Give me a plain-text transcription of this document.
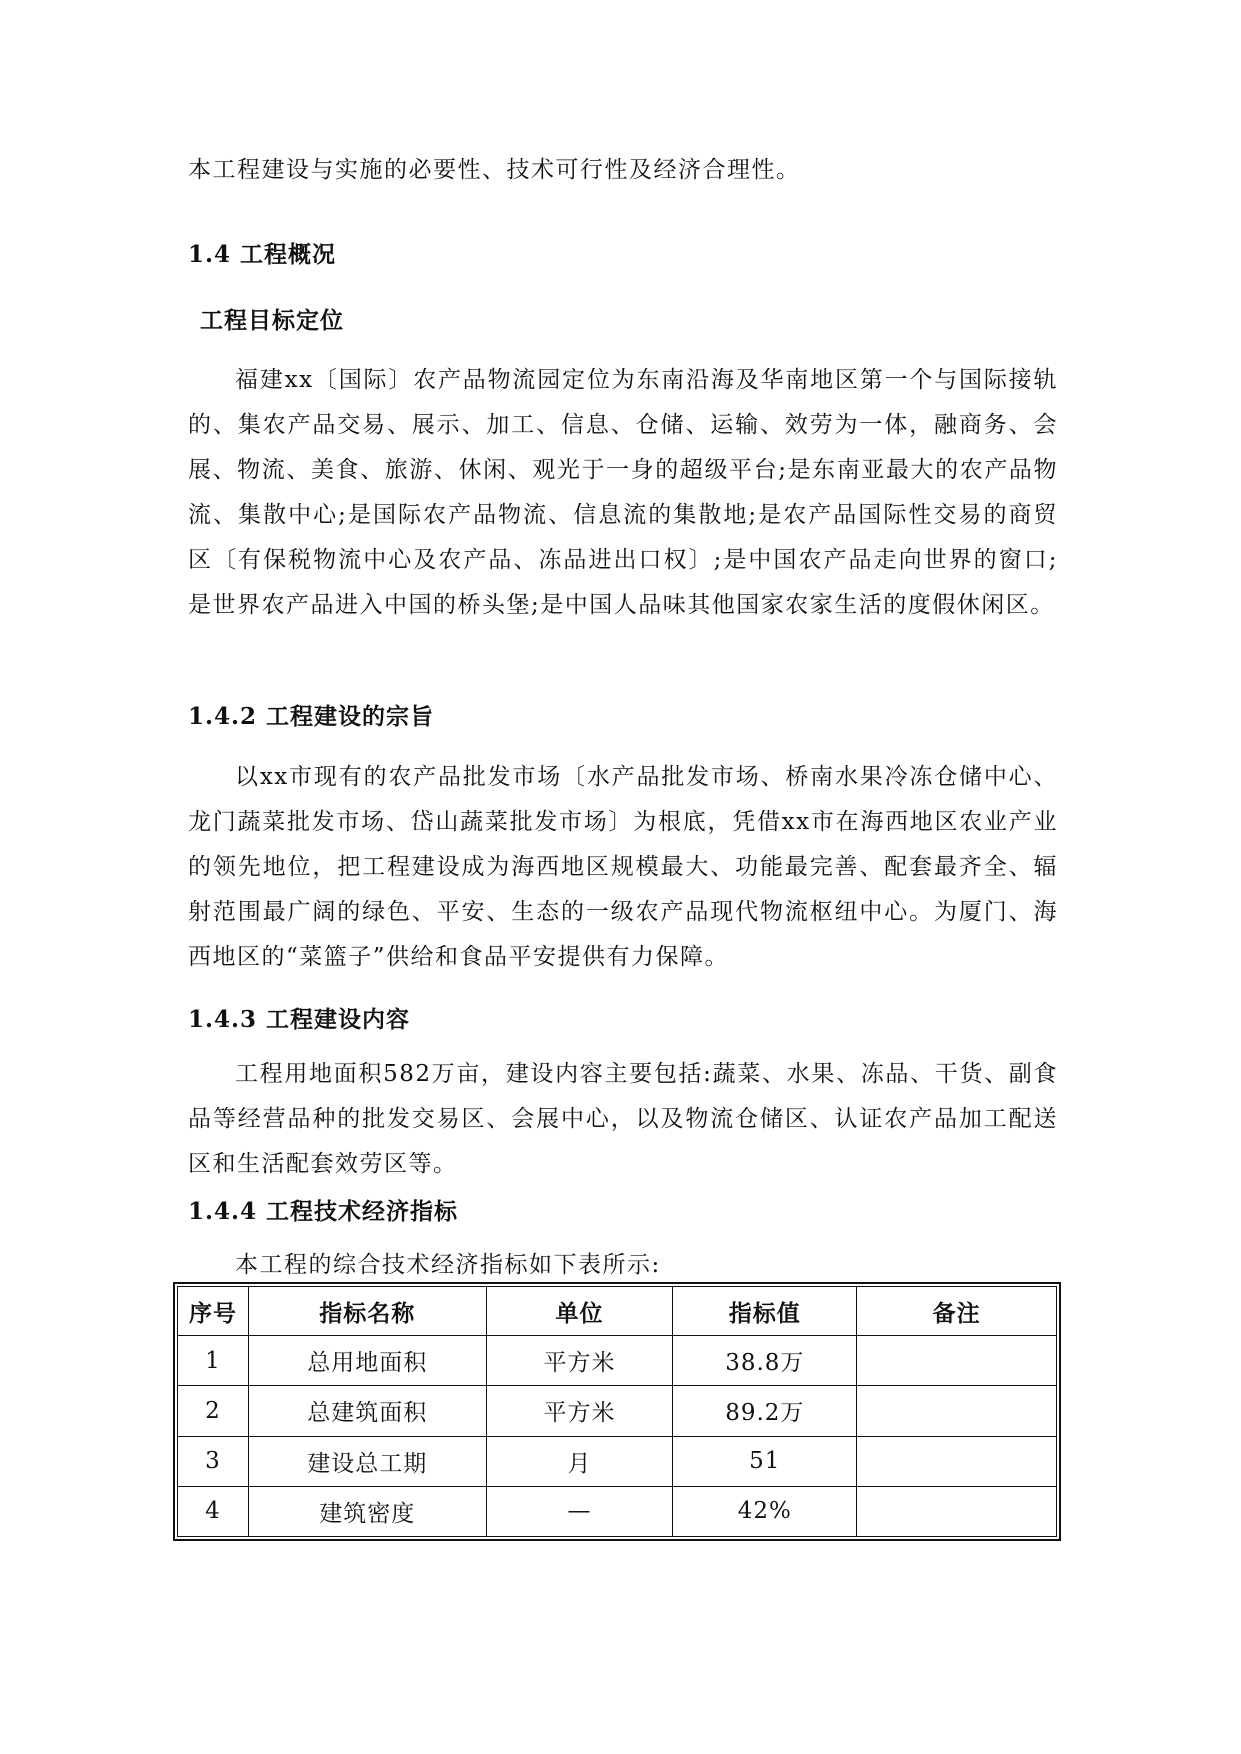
本工程建设与实施的必要性、技术可行性及经济合理性。

1.4 工程概况
工程目标定位

福建xx〔国际〕农产品物流园定位为东南沿海及华南地区第一个与国际接轨的、集农产品交易、展示、加工、信息、仓储、运输、效劳为一体，融商务、会展、物流、美食、旅游、休闲、观光于一身的超级平台;是东南亚最大的农产品物流、集散中心;是国际农产品物流、信息流的集散地;是农产品国际性交易的商贸区〔有保税物流中心及农产品、冻品进出口权〕;是中国农产品走向世界的窗口;是世界农产品进入中国的桥头堡;是中国人品味其他国家农家生活的度假休闲区。

1.4.2 工程建设的宗旨

以xx市现有的农产品批发市场〔水产品批发市场、桥南水果冷冻仓储中心、龙门蔬菜批发市场、岱山蔬菜批发市场〕为根底，凭借xx市在海西地区农业产业的领先地位，把工程建设成为海西地区规模最大、功能最完善、配套最齐全、辐射范围最广阔的绿色、平安、生态的一级农产品现代物流枢纽中心。为厦门、海西地区的“菜篮子”供给和食品平安提供有力保障。

1.4.3 工程建设内容

工程用地面积582万亩，建设内容主要包括:蔬菜、水果、冻品、干货、副食品等经营品种的批发交易区、会展中心，以及物流仓储区、认证农产品加工配送区和生活配套效劳区等。

1.4.4 工程技术经济指标

本工程的综合技术经济指标如下表所示:

序号	指标名称	单位	指标值	备注
1	总用地面积	平方米	38.8万	
2	总建筑面积	平方米	89.2万	
3	建设总工期	月	51	
4	建筑密度	—	42%	
